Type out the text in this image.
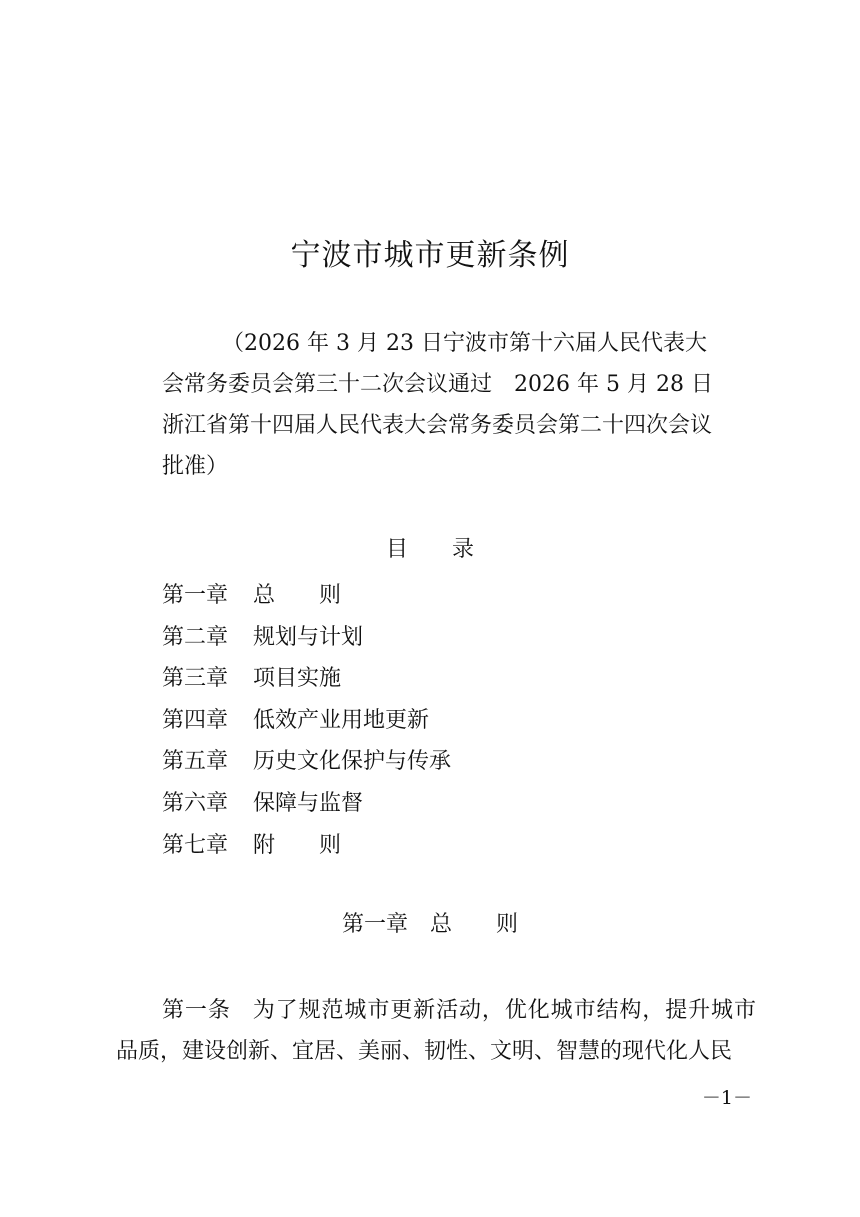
宁波市城市更新条例

（2026 年 3 月 23 日宁波市第十六届人民代表大会常务委员会第三十二次会议通过　2026 年 5 月 28 日浙江省第十四届人民代表大会常务委员会第二十四次会议批准）

目　　录
第一章 总　　则
第二章 规划与计划
第三章 项目实施
第四章 低效产业用地更新
第五章 历史文化保护与传承
第六章 保障与监督
第七章 附　　则
第一章　总　　则

第一条 为了规范城市更新活动，优化城市结构，提升城市品质，建设创新、宜居、美丽、韧性、文明、智慧的现代化人民

－1－
